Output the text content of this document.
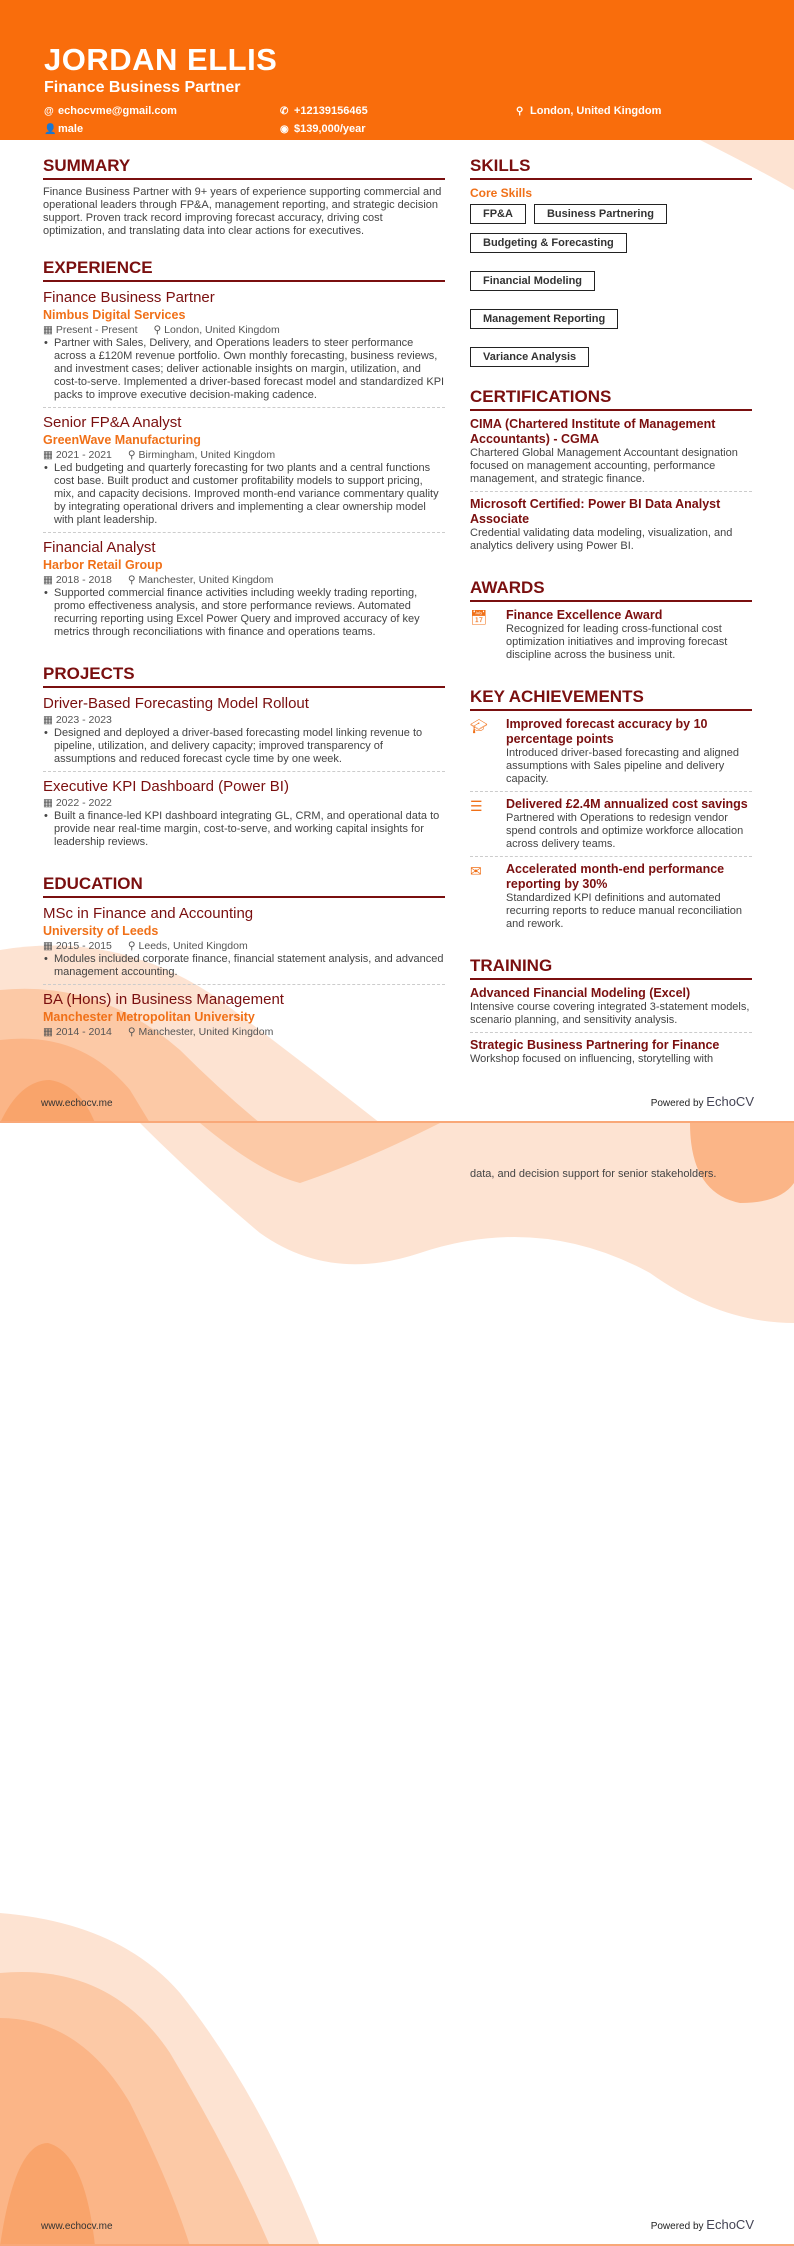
JORDAN ELLIS
Finance Business Partner
@ echocvme@gmail.com	✆ +12139156465	⚲ London, United Kingdom
👤 male	◉ $139,000/year
SUMMARY

Finance Business Partner with 9+ years of experience supporting commercial and operational leaders through FP&A, management reporting, and strategic decision support. Proven track record improving forecast accuracy, driving cost optimization, and translating data into clear actions for executives.

EXPERIENCE
Finance Business Partner
Nimbus Digital Services
▦ Present - Present ⚲ London, United Kingdom
• Partner with Sales, Delivery, and Operations leaders to steer performance across a £120M revenue portfolio. Own monthly forecasting, business reviews, and investment cases; deliver actionable insights on margin, utilization, and cost-to-serve. Implemented a driver-based forecast model and standardized KPI packs to improve executive decision-making cadence.
Senior FP&A Analyst
GreenWave Manufacturing
▦ 2021 - 2021 ⚲ Birmingham, United Kingdom
• Led budgeting and quarterly forecasting for two plants and a central functions cost base. Built product and customer profitability models to support pricing, mix, and capacity decisions. Improved month-end variance commentary quality by integrating operational drivers and implementing a clear ownership model with plant leadership.
Financial Analyst
Harbor Retail Group
▦ 2018 - 2018 ⚲ Manchester, United Kingdom
• Supported commercial finance activities including weekly trading reporting, promo effectiveness analysis, and store performance reviews. Automated recurring reporting using Excel Power Query and improved accuracy of key metrics through reconciliations with finance and operations teams.
PROJECTS
Driver-Based Forecasting Model Rollout
▦ 2023 - 2023
• Designed and deployed a driver-based forecasting model linking revenue to pipeline, utilization, and delivery capacity; improved transparency of assumptions and reduced forecast cycle time by one week.
Executive KPI Dashboard (Power BI)
▦ 2022 - 2022
• Built a finance-led KPI dashboard integrating GL, CRM, and operational data to provide near real-time margin, cost-to-serve, and working capital insights for leadership reviews.
EDUCATION
MSc in Finance and Accounting
University of Leeds
▦ 2015 - 2015 ⚲ Leeds, United Kingdom
• Modules included corporate finance, financial statement analysis, and advanced management accounting.
BA (Hons) in Business Management
Manchester Metropolitan University
▦ 2014 - 2014 ⚲ Manchester, United Kingdom
SKILLS
Core Skills
FP&A	Business Partnering
Budgeting & Forecasting
Financial Modeling
Management Reporting
Variance Analysis
CERTIFICATIONS
CIMA (Chartered Institute of Management Accountants) - CGMA

Chartered Global Management Accountant designation focused on management accounting, performance management, and strategic finance.

Microsoft Certified: Power BI Data Analyst Associate

Credential validating data modeling, visualization, and analytics delivery using Power BI.

AWARDS
📅︎	Finance Excellence Award

Recognized for leading cross-functional cost optimization initiatives and improving forecast discipline across the business unit.

KEY ACHIEVEMENTS
🎓︎	Improved forecast accuracy by 10 percentage points

Introduced driver-based forecasting and aligned assumptions with Sales pipeline and delivery capacity.

☰	Delivered £2.4M annualized cost savings

Partnered with Operations to redesign vendor spend controls and optimize workforce allocation across delivery teams.

✉	Accelerated month-end performance reporting by 30%

Standardized KPI definitions and automated recurring reports to reduce manual reconciliation and rework.

TRAINING
Advanced Financial Modeling (Excel)

Intensive course covering integrated 3-statement models, scenario planning, and sensitivity analysis.

Strategic Business Partnering for Finance

Workshop focused on influencing, storytelling with

www.echocv.me	Powered by EchoCV

data, and decision support for senior stakeholders.

www.echocv.me	Powered by EchoCV
